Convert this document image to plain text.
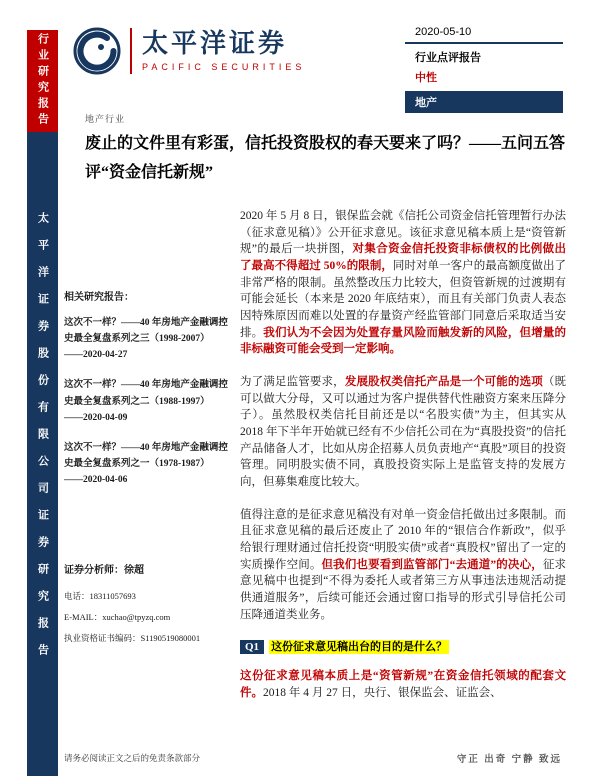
行业研究报告
太平洋证券股份有限公司证券研究报告
太平洋证券
PACIFIC SECURITIES
2020-05-10
行业点评报告
中性
地产
地产行业
废止的文件里有彩蛋，信托投资股权的春天要来了吗？——五问五答评“资金信托新规”
相关研究报告：
这次不一样？——40 年房地产金融调控史最全复盘系列之三（1998-2007）——2020-04-27
这次不一样？——40 年房地产金融调控史最全复盘系列之二（1988-1997）——2020-04-09
这次不一样？——40 年房地产金融调控史最全复盘系列之一（1978-1987）——2020-04-06
证券分析师：徐超
电话：18311057693
E-MAIL：xuchao@tpyzq.com
执业资格证书编码：S1190519080001

2020 年 5 月 8 日，银保监会就《信托公司资金信托管理暂行办法（征求意见稿）》公开征求意见。该征求意见稿本质上是“资管新规”的最后一块拼图，对集合资金信托投资非标债权的比例做出了最高不得超过 50%的限制，同时对单一客户的最高额度做出了非常严格的限制。虽然整改压力比较大，但资管新规的过渡期有可能会延长（本来是 2020 年底结束），而且有关部门负责人表态因特殊原因而难以处置的存量资产经监管部门同意后采取适当安排。我们认为不会因为处置存量风险而触发新的风险，但增量的非标融资可能会受到一定影响。

为了满足监管要求，发展股权类信托产品是一个可能的选项（既可以做大分母，又可以通过为客户提供替代性融资方案来压降分子）。虽然股权类信托目前还是以“名股实债”为主，但其实从 2018 年下半年开始就已经有不少信托公司在为“真股投资”的信托产品储备人才，比如从房企招募人员负责地产“真股”项目的投资管理。同明股实债不同，真股投资实际上是监管支持的发展方向，但募集难度比较大。

值得注意的是征求意见稿没有对单一资金信托做出过多限制。而且征求意见稿的最后还废止了 2010 年的“银信合作新政”，似乎给银行理财通过信托投资“明股实债”或者“真股权”留出了一定的实质操作空间。但我们也要看到监管部门“去通道”的决心，征求意见稿中也提到“不得为委托人或者第三方从事违法违规活动提供通道服务”，后续可能还会通过窗口指导的形式引导信托公司压降通道类业务。

Q1 这份征求意见稿出台的目的是什么？

这份征求意见稿本质上是“资管新规”在资金信托领域的配套文件。2018 年 4 月 27 日，央行、银保监会、证监会、

请务必阅读正文之后的免责条款部分	守正 出奇 宁静 致远
